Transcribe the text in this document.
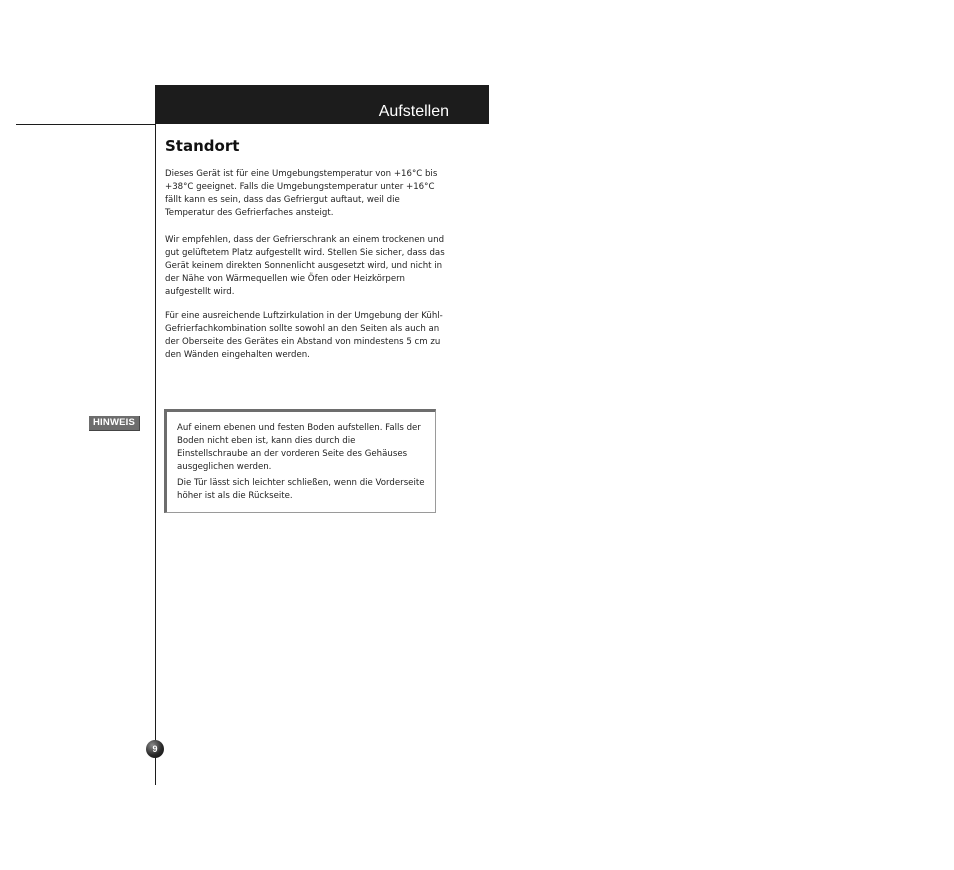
Aufstellen
Standort

Dieses Gerät ist für eine Umgebungstemperatur von +16°C bis +38°C geeignet. Falls die Umgebungstemperatur unter +16°C fällt kann es sein, dass das Gefriergut auftaut, weil die Temperatur des Gefrierfaches ansteigt.

Wir empfehlen, dass der Gefrierschrank an einem trockenen und gut gelüftetem Platz aufgestellt wird. Stellen Sie sicher, dass das Gerät keinem direkten Sonnenlicht ausgesetzt wird, und nicht in der Nähe von Wärmequellen wie Öfen oder Heizkörpern aufgestellt wird.

Für eine ausreichende Luftzirkulation in der Umgebung der Kühl-Gefrierfachkombination sollte sowohl an den Seiten als auch an der Oberseite des Gerätes ein Abstand von mindestens 5 cm zu den Wänden eingehalten werden.

HINWEIS	Auf einem ebenen und festen Boden aufstellen. Falls der Boden nicht eben ist, kann dies durch die Einstellschraube an der vorderen Seite des Gehäuses ausgeglichen werden.

Die Tür lässt sich leichter schließen, wenn die Vorderseite höher ist als die Rückseite.

9
